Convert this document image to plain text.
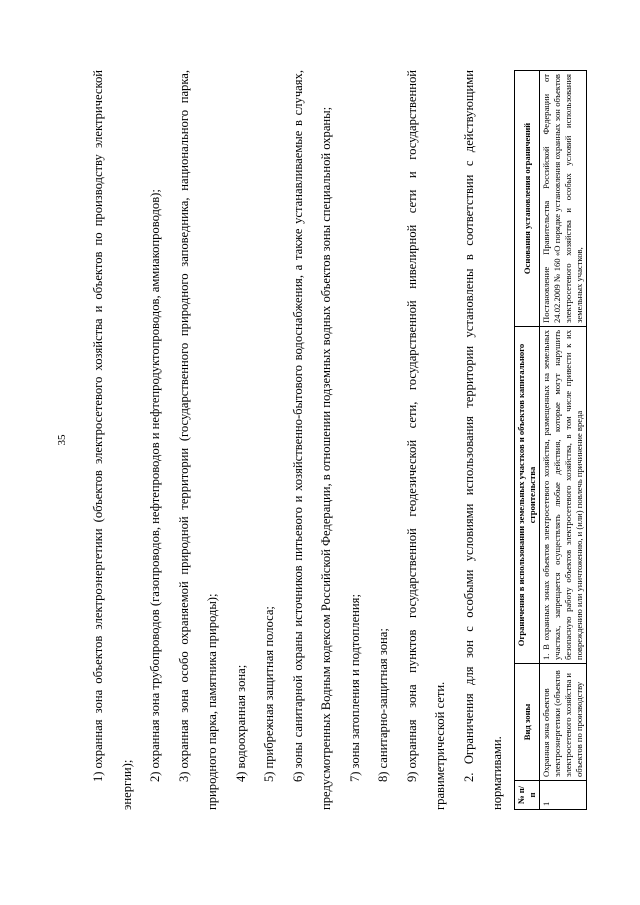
35

1)охранная зона объектов электроэнергетики (объектов электросетевого хозяйства и объектов по производству электрической энергии);	2)охранная зона трубопроводов (газопроводов, нефтепроводов и нефтепродуктопроводов, аммиакопроводов);

3)охранная зона особо охраняемой природной территории (государственного природного заповедника, национального парка, природного парка, памятника природы);	4)водоохранная зона;

5)прибрежная защитная полоса;

6)зоны санитарной охраны источников питьевого и хозяйственно-бытового водоснабжения, а также устанавливаемые в случаях, предусмотренных Водным кодексом Российской Федерации, в отношении подземных водных объектов зоны специальной охраны;	7)зоны затопления и подтопления;

8)санитарно-защитная зона;

9)охранная зона пунктов государственной геодезической сети, государственной нивелирной сети и государственной гравиметрической сети.	2. Ограничения для зон с особыми условиями использования территории установлены в соответствии с действующими нормативами.	№ п/п	Вид зоны	Ограничения в использовании земельных участков и объектов капитального строительства	Основания установления ограничений
1	Охранная зона объектов электроэнергетики (объектов электросетевого хозяйства и объектов по производству	1. В охранных зонах объектов электросетевого хозяйства, размещенных на земельных участках, запрещается осуществлять любые действия, которые могут нарушить безопасную работу объектов электросетевого хозяйства, в том числе привести к их повреждению или уничтожению, и (или) повлечь причинение вреда	Постановление Правительства Российской Федерации от 24.02.2009 № 160 «О порядке установления охранных зон объектов электросетевого хозяйства и особых условий использования земельных участков,
